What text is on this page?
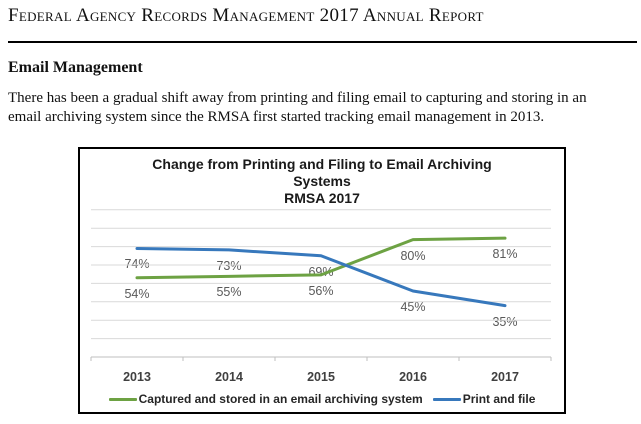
Federal Agency Records Management 2017 Annual Report
Email Management
There has been a gradual shift away from printing and filing email to capturing and storing in an
email archiving system since the RMSA first started tracking email management in 2013.
Change from Printing and Filing to Email Archiving
Systems
RMSA 2017
54%	55%	56%
80%	81%
74%	73%	69%
45%
35%
2013	2014	2015	2016	2017
Captured and stored in an email archiving system	Print and file
